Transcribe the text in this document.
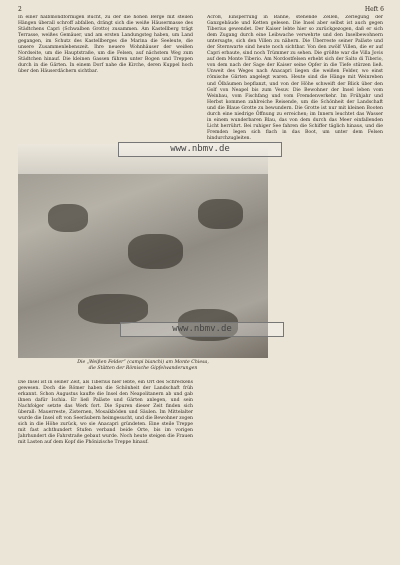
2	Heft 6
In einer halbmondförmigen Bucht, zu der die hohen Berge mit steilen Hängen überall schroff abfallen, drängt sich die weiße Häusermasse des Städtchens Capri (Schwalben Grotto) zusammen. Am Kastellberg trägt Terrasse, weißes Gemäuer, und am ersten Landungsteg haben, um Land gegangen, im Schutz des Kastellberges die Marina die Seeleute, die unsere Zusammenlebenszeit. Ihre neuere Wohnhäuser der weißen Nordseite, um die Hauptstraße, um die Felsen, auf nächstem Weg zum Städtchen hinauf. Die kleinen Gassen führen unter Bogen und Treppen durch in die Gärten. In einem Dorf nahe die Kirche, deren Kuppel hoch über den Häuserdächern sichtbar.
www.nbmv.de
www.nbmv.de
Die „Weißen Felder“ (campi bianchi) am Monte Chiesa,
die Stätten der Römische Gipfelwanderungen
Die Insel ist in seiner Zeit, als Tiberius hier lebte, ein Ort des Schreckens gewesen. Doch die Römer haben die Schönheit der Landschaft früh erkannt. Schon Augustus kaufte die Insel den Neapolitanern ab und gab ihnen dafür Ischia. Er ließ Paläste und Gärten anlegen, und sein Nachfolger setzte das Werk fort. Die Spuren dieser Zeit finden sich überall: Mauerreste, Zisternen, Mosaikböden und Säulen. Im Mittelalter wurde die Insel oft von Seeräubern heimgesucht, und die Bewohner zogen sich in die Höhe zurück, wo sie Anacapri gründeten. Eine steile Treppe mit fast achthundert Stufen verband beide Orte, bis im vorigen Jahrhundert die Fahrstraße gebaut wurde. Noch heute steigen die Frauen mit Lasten auf dem Kopf die Phönizische Treppe hinauf.
Acroß, Einsperrung in Banne, stehende Zellen, Zerlegung der Ganzgebäude und Ketten gelesen. Die Insel aber selbst ist auch gegen Tiberius gewendet. Der Kaiser lebte hier so zurückgezogen, daß er sich dem Zugang durch eine Leibwache verwehrte und den Inselbewohnern untersagte, sich den Villen zu nähern. Die Überreste seiner Paläste und der Sternwarte sind heute noch sichtbar. Von den zwölf Villen, die er auf Capri erbaute, sind noch Trümmer zu sehen. Die größte war die Villa Jovis auf dem Monte Tiberio. Am Nordostfelsen erhebt sich der Salto di Tiberio, von dem nach der Sage der Kaiser seine Opfer in die Tiefe stürzen ließ. Unweit des Weges nach Anacapri liegen die weißen Felder, wo einst römische Gärten angelegt waren. Heute sind die Hänge mit Weinreben und Ölbäumen bepflanzt, und von der Höhe schweift der Blick über den Golf von Neapel bis zum Vesuv. Die Bewohner der Insel leben vom Weinbau, vom Fischfang und vom Fremdenverkehr. Im Frühjahr und Herbst kommen zahlreiche Reisende, um die Schönheit der Landschaft und die Blaue Grotte zu bewundern. Die Grotte ist nur mit kleinen Booten durch eine niedrige Öffnung zu erreichen; im Innern leuchtet das Wasser in einem wunderbaren Blau, das von dem durch das Meer einfallenden Licht herrührt. Bei ruhiger See fahren die Schiffer täglich hinaus, und die Fremden legen sich flach in das Boot, um unter dem Felsen hindurchzugleiten.
